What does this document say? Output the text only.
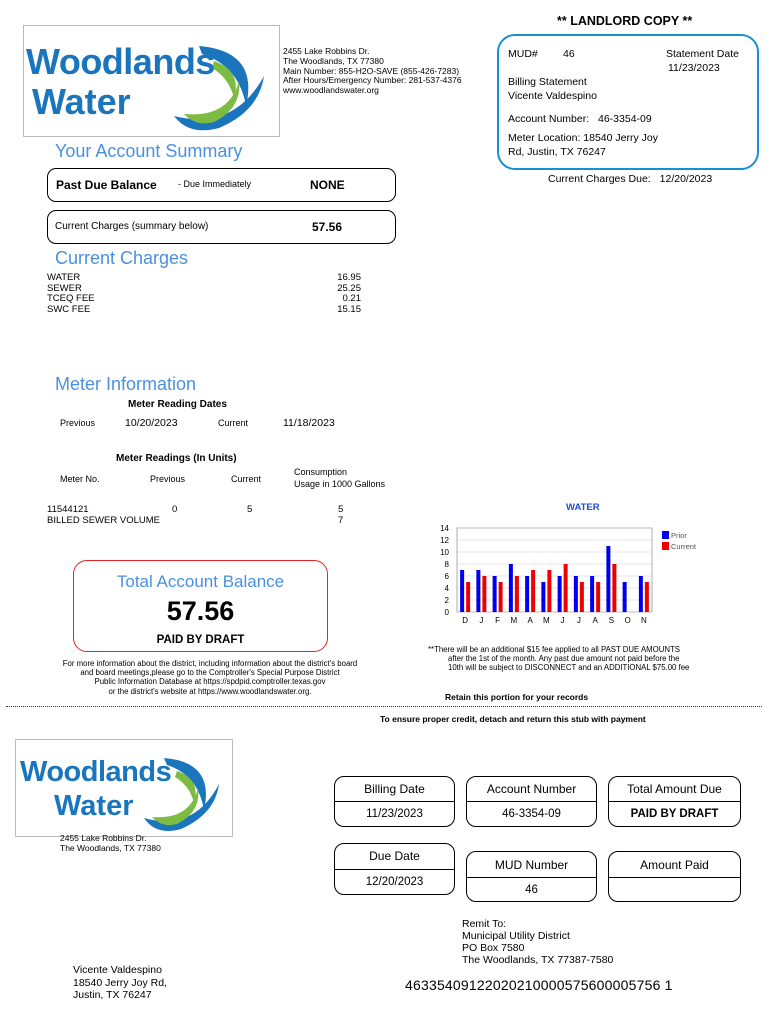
Woodlands
Water
2455 Lake Robbins Dr.
The Woodlands, TX 77380
Main Number: 855-H2O-SAVE (855-426-7283)
After Hours/Emergency Number: 281-537-4376
www.woodlandswater.org
** LANDLORD COPY **
MUD# 46	Statement Date
11/23/2023
Billing Statement
Vicente Valdespino
Account Number: 46-3354-09
Meter Location: 18540 Jerry Joy
Rd, Justin, TX 76247
Current Charges Due: 12/20/2023
Your Account Summary
Past Due Balance - Due Immediately	NONE
Current Charges (summary below)	57.56
Current Charges
WATER	16.95
SEWER	25.25
TCEQ FEE	0.21
SWC FEE	15.15
Meter Information
Meter Reading Dates
Previous	10/20/2023	Current	11/18/2023
Meter Readings (In Units)
Meter No.	Previous	Current
Consumption
Usage in 1000 Gallons
11544121	0	5	5
BILLED SEWER VOLUME	7
Total Account Balance
57.56
PAID BY DRAFT
For more information about the district, including information about the district's board
and board meetings,please go to the Comptroller's Special Purpose District
Public Information Database at https://spdpid.comptroller.texas.gov
or the district's website at https://www.woodlandswater.org.
WATER
0
2
4
6
8
10
12
14
D J F M A M J J A S O N
Prior
Current
**There will be an additional $15 fee applied to all PAST DUE AMOUNTS
after the 1st of the month. Any past due amount not paid before the
10th will be subject to DISCONNECT and an ADDITIONAL $75.00 fee
Retain this portion for your records
To ensure proper credit, detach and return this stub with payment
Woodlands
Water
2455 Lake Robbins Dr.
The Woodlands, TX 77380
Billing Date
11/23/2023
Account Number
46-3354-09
Total Amount Due
PAID BY DRAFT
Due Date
12/20/2023
MUD Number
46
Amount Paid
Remit To:
Municipal Utility District
PO Box 7580
The Woodlands, TX 77387-7580
Vicente Valdespino
18540 Jerry Joy Rd,
Justin, TX 76247
46335409122020210000575600005756 1
